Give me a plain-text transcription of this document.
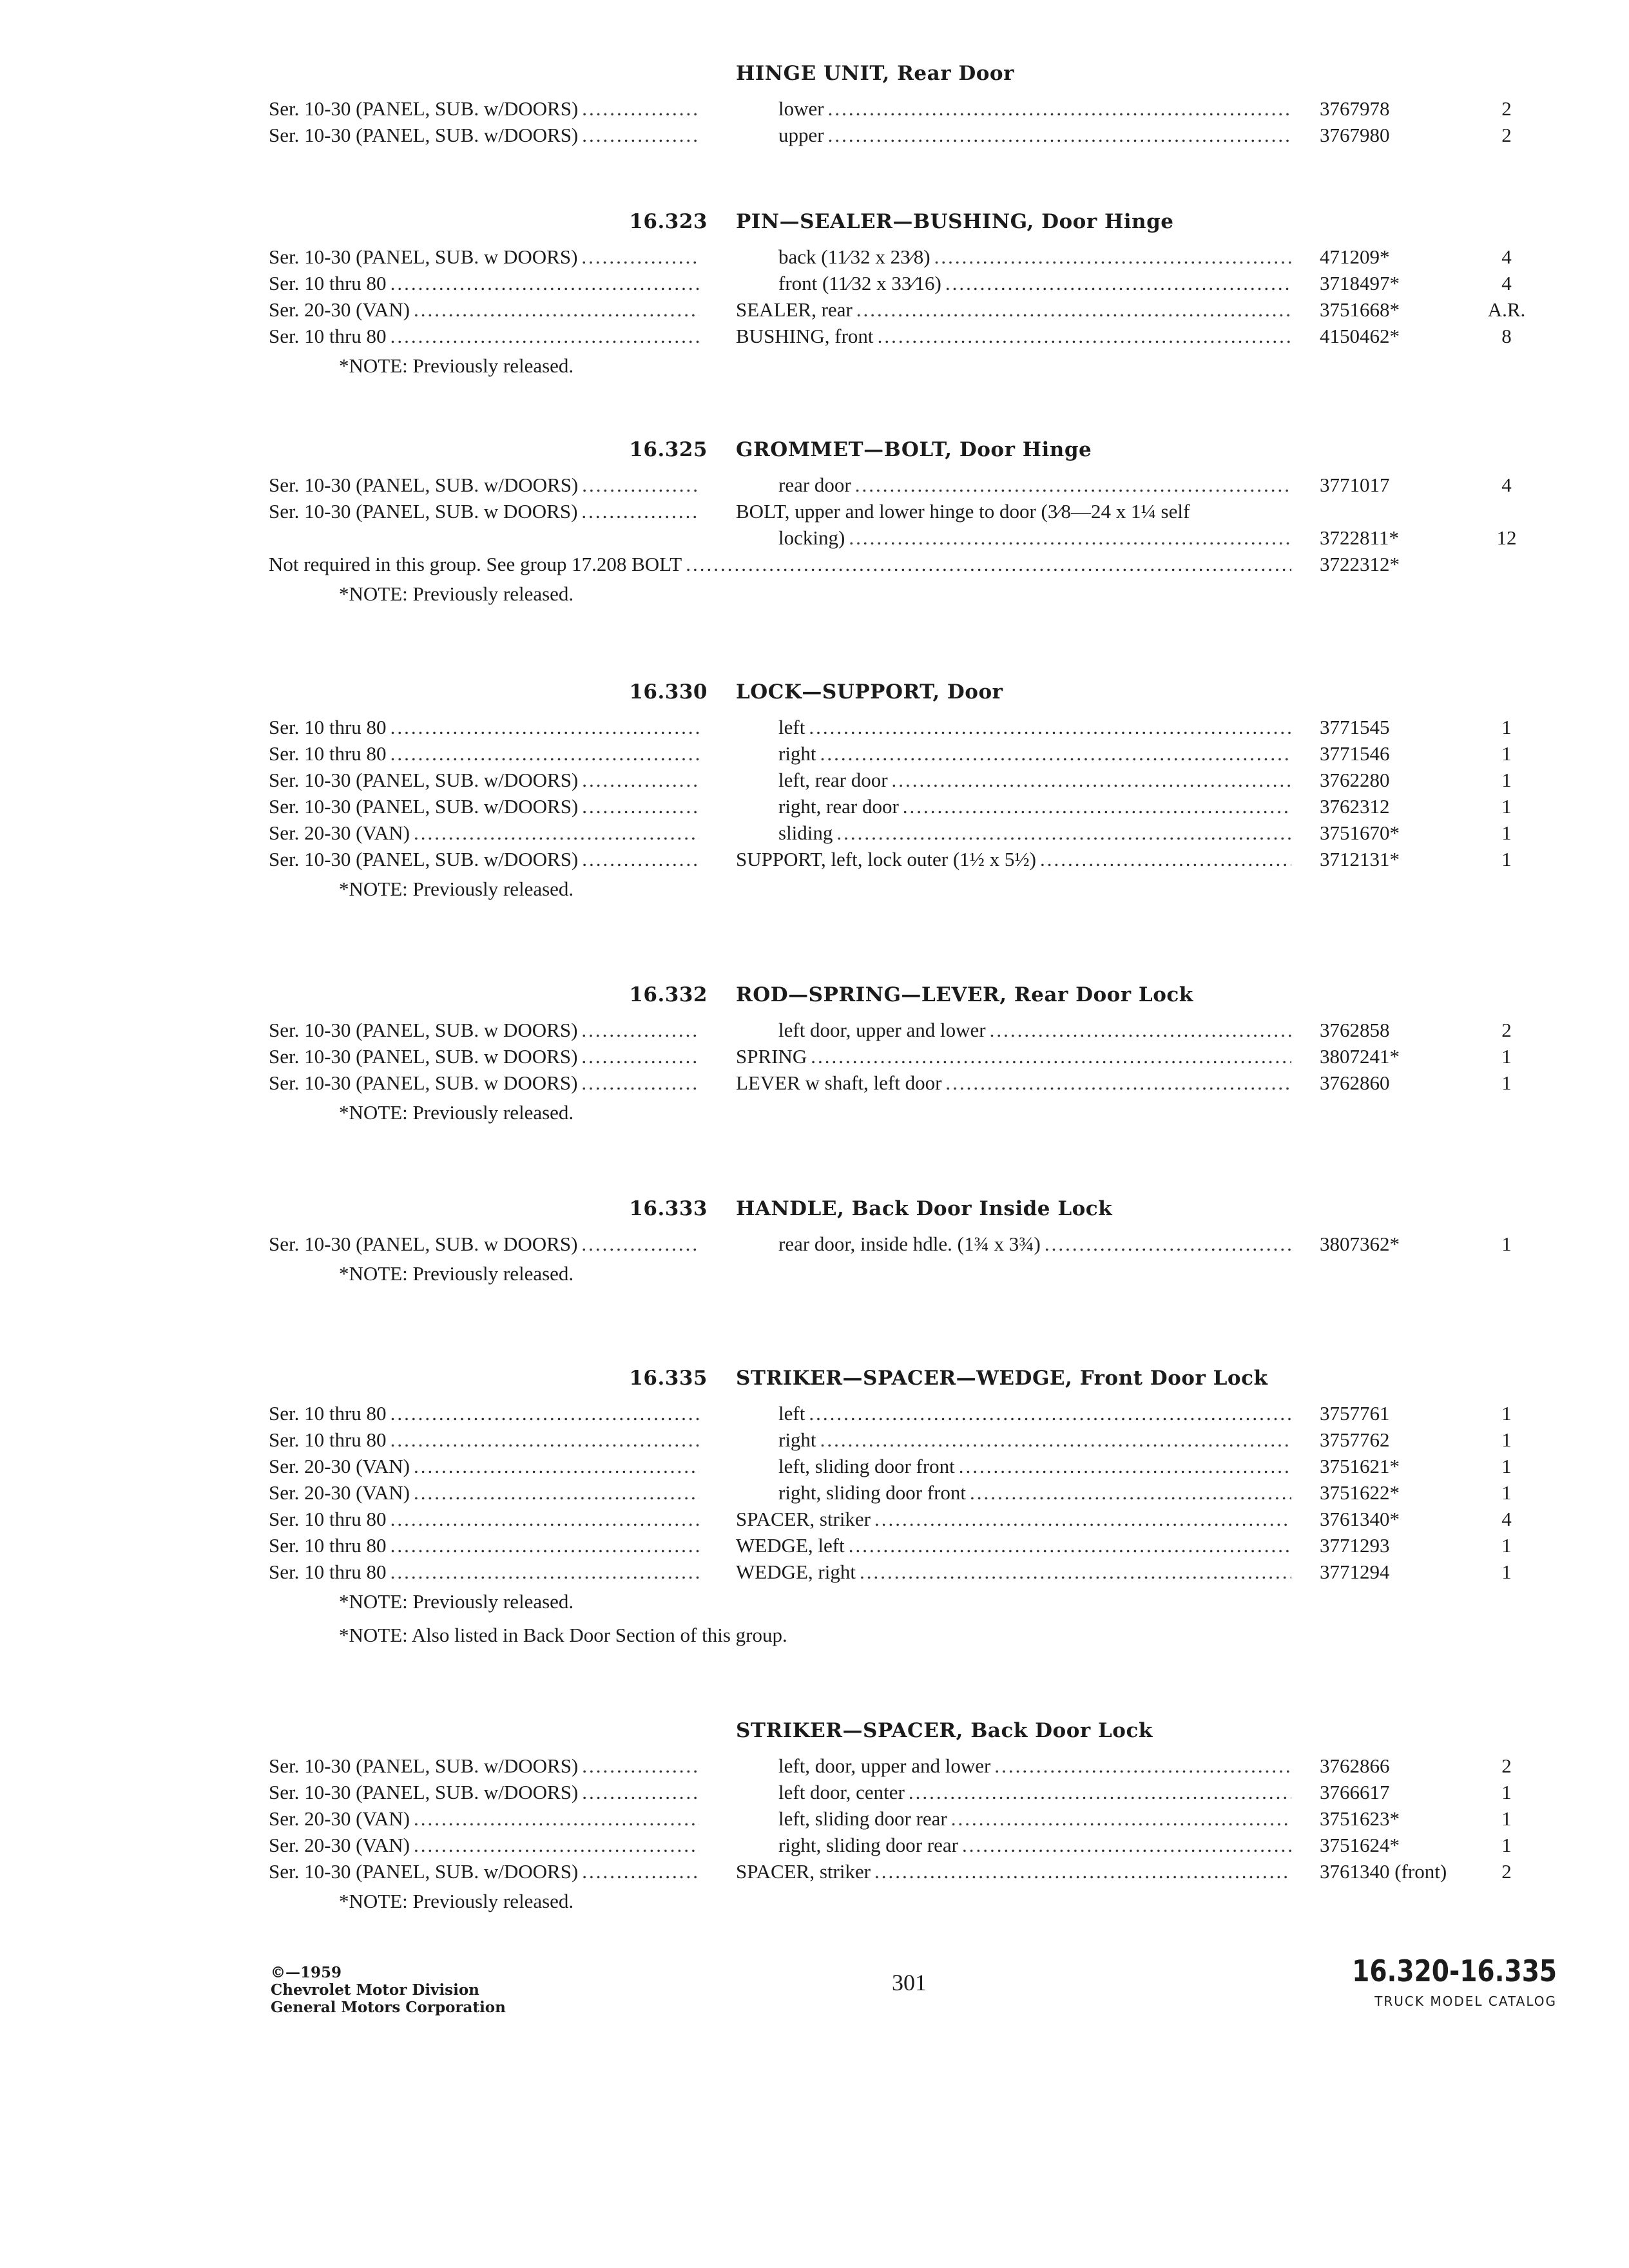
©—1959
Chevrolet Motor Division
General Motors Corporation
301	16.320-16.335
TRUCK MODEL CATALOG
HINGE UNIT, Rear Door
Ser. 10-30 (PANEL, SUB. w/DOORS) .....	lower .....	3767978	2
Ser. 10-30 (PANEL, SUB. w/DOORS) .....	upper .....	3767980	2
16.323 PIN—SEALER—BUSHING, Door Hinge
Ser. 10-30 (PANEL, SUB. w DOORS) .....	back (11⁄32 x 23⁄8) .....	471209*	4
Ser. 10 thru 80 .....	front (11⁄32 x 33⁄16) .....	3718497*	4
Ser. 20-30 (VAN) .....	SEALER, rear .....	3751668*	A.R.
Ser. 10 thru 80 .....	BUSHING, front .....	4150462*	8
*NOTE: Previously released.
16.325 GROMMET—BOLT, Door Hinge
Ser. 10-30 (PANEL, SUB. w/DOORS) .....	rear door .....	3771017	4
Ser. 10-30 (PANEL, SUB. w DOORS) .....	BOLT, upper and lower hinge to door (3⁄8—24 x 1¼ self
locking) .....	3722811*	12
Not required in this group. See group 17.208 BOLT .....	3722312*
*NOTE: Previously released.
16.330 LOCK—SUPPORT, Door
Ser. 10 thru 80 .....	left .....	3771545	1
Ser. 10 thru 80 .....	right .....	3771546	1
Ser. 10-30 (PANEL, SUB. w/DOORS) .....	left, rear door .....	3762280	1
Ser. 10-30 (PANEL, SUB. w/DOORS) .....	right, rear door .....	3762312	1
Ser. 20-30 (VAN) .....	sliding .....	3751670*	1
Ser. 10-30 (PANEL, SUB. w/DOORS) .....	SUPPORT, left, lock outer (1½ x 5½) .....	3712131*	1
*NOTE: Previously released.
16.332 ROD—SPRING—LEVER, Rear Door Lock
Ser. 10-30 (PANEL, SUB. w DOORS) .....	left door, upper and lower .....	3762858	2
Ser. 10-30 (PANEL, SUB. w DOORS) .....	SPRING .....	3807241*	1
Ser. 10-30 (PANEL, SUB. w DOORS) .....	LEVER w shaft, left door .....	3762860	1
*NOTE: Previously released.
16.333 HANDLE, Back Door Inside Lock
Ser. 10-30 (PANEL, SUB. w DOORS) .....	rear door, inside hdle. (1¾ x 3¾) .....	3807362*	1
*NOTE: Previously released.
16.335 STRIKER—SPACER—WEDGE, Front Door Lock
Ser. 10 thru 80 .....	left .....	3757761	1
Ser. 10 thru 80 .....	right .....	3757762	1
Ser. 20-30 (VAN) .....	left, sliding door front .....	3751621*	1
Ser. 20-30 (VAN) .....	right, sliding door front .....	3751622*	1
Ser. 10 thru 80 .....	SPACER, striker .....	3761340*	4
Ser. 10 thru 80 .....	WEDGE, left .....	3771293	1
Ser. 10 thru 80 .....	WEDGE, right .....	3771294	1
*NOTE: Previously released.
*NOTE: Also listed in Back Door Section of this group.
STRIKER—SPACER, Back Door Lock
Ser. 10-30 (PANEL, SUB. w/DOORS) .....	left, door, upper and lower .....	3762866	2
Ser. 10-30 (PANEL, SUB. w/DOORS) .....	left door, center .....	3766617	1
Ser. 20-30 (VAN) .....	left, sliding door rear .....	3751623*	1
Ser. 20-30 (VAN) .....	right, sliding door rear .....	3751624*	1
Ser. 10-30 (PANEL, SUB. w/DOORS) .....	SPACER, striker .....	3761340 (front)	2
*NOTE: Previously released.
